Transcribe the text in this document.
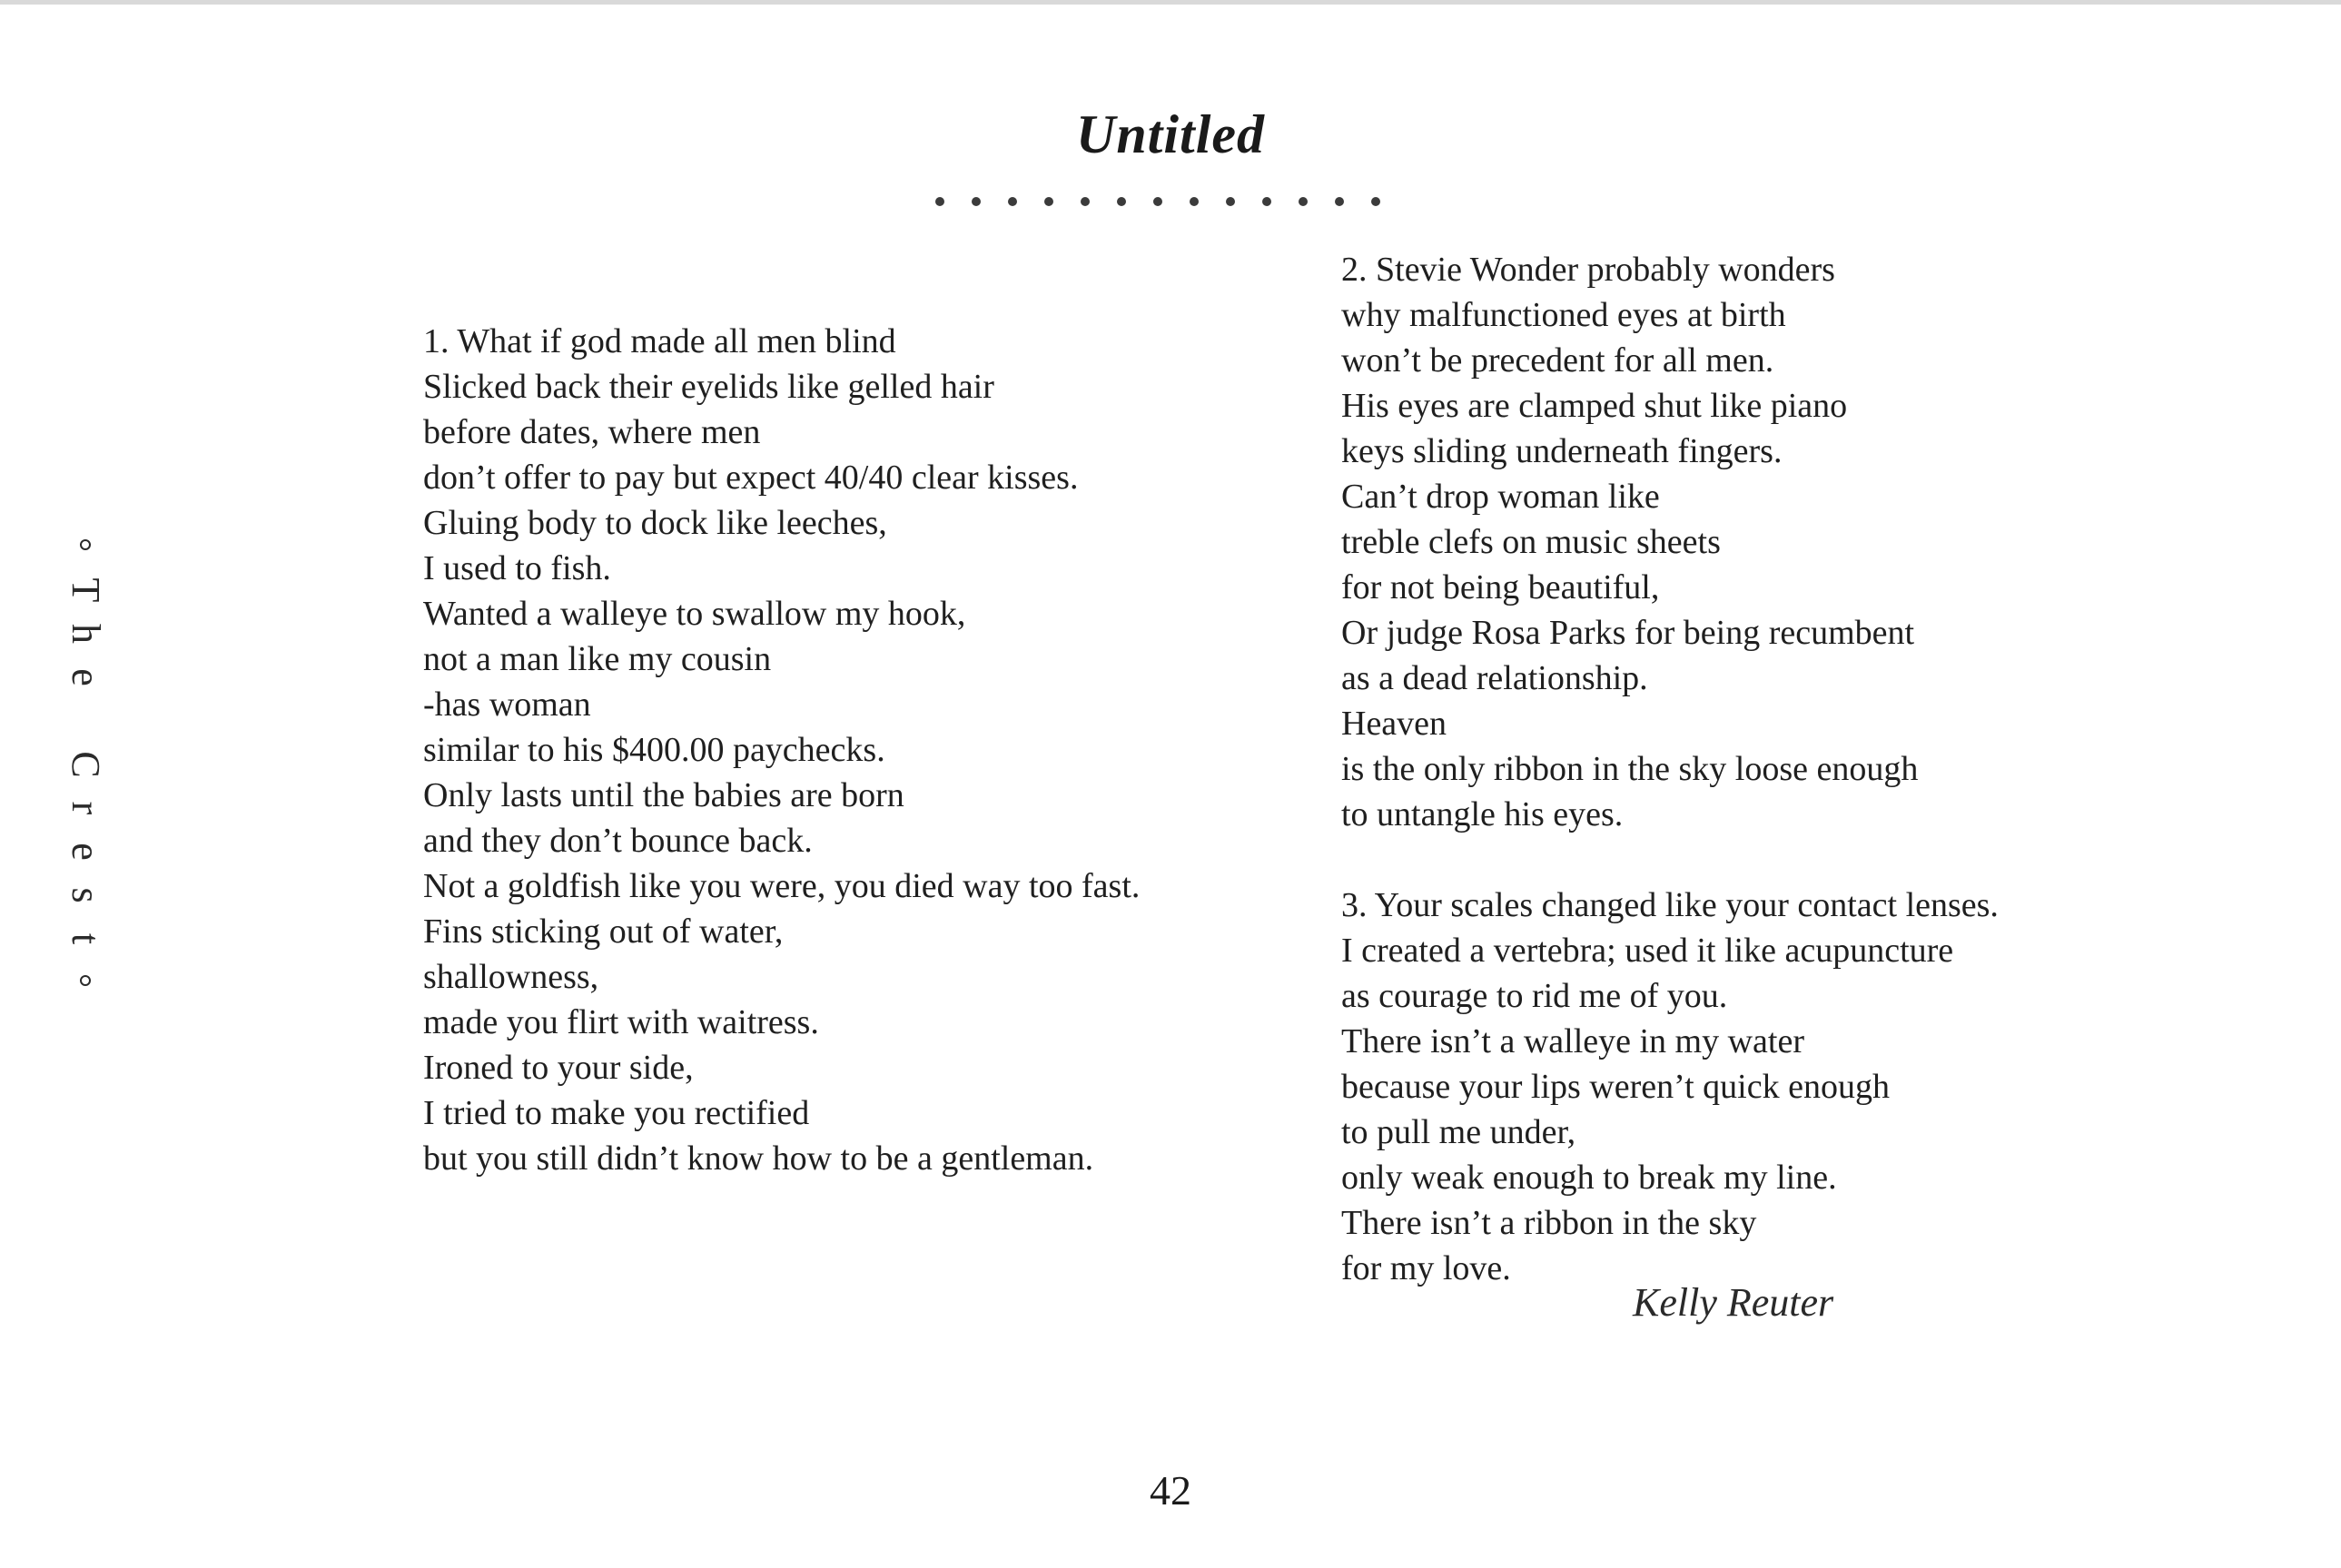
Untitled
T
h
e
C
r
e
s
t
1. What if god made all men blind
Slicked back their eyelids like gelled hair
before dates, where men
don’t offer to pay but expect 40/40 clear kisses.
Gluing body to dock like leeches,
I used to fish.
Wanted a walleye to swallow my hook,
not a man like my cousin
-has woman
similar to his $400.00 paychecks.
Only lasts until the babies are born
and they don’t bounce back.
Not a goldfish like you were, you died way too fast.
Fins sticking out of water,
shallowness,
made you flirt with waitress.
Ironed to your side,
I tried to make you rectified
but you still didn’t know how to be a gentleman.
2. Stevie Wonder probably wonders
why malfunctioned eyes at birth
won’t be precedent for all men.
His eyes are clamped shut like piano
keys sliding underneath fingers.
Can’t drop woman like
treble clefs on music sheets
for not being beautiful,
Or judge Rosa Parks for being recumbent
as a dead relationship.
Heaven
is the only ribbon in the sky loose enough
to untangle his eyes.
3. Your scales changed like your contact lenses.
I created a vertebra; used it like acupuncture
as courage to rid me of you.
There isn’t a walleye in my water
because your lips weren’t quick enough
to pull me under,
only weak enough to break my line.
There isn’t a ribbon in the sky
for my love.
Kelly Reuter
42
